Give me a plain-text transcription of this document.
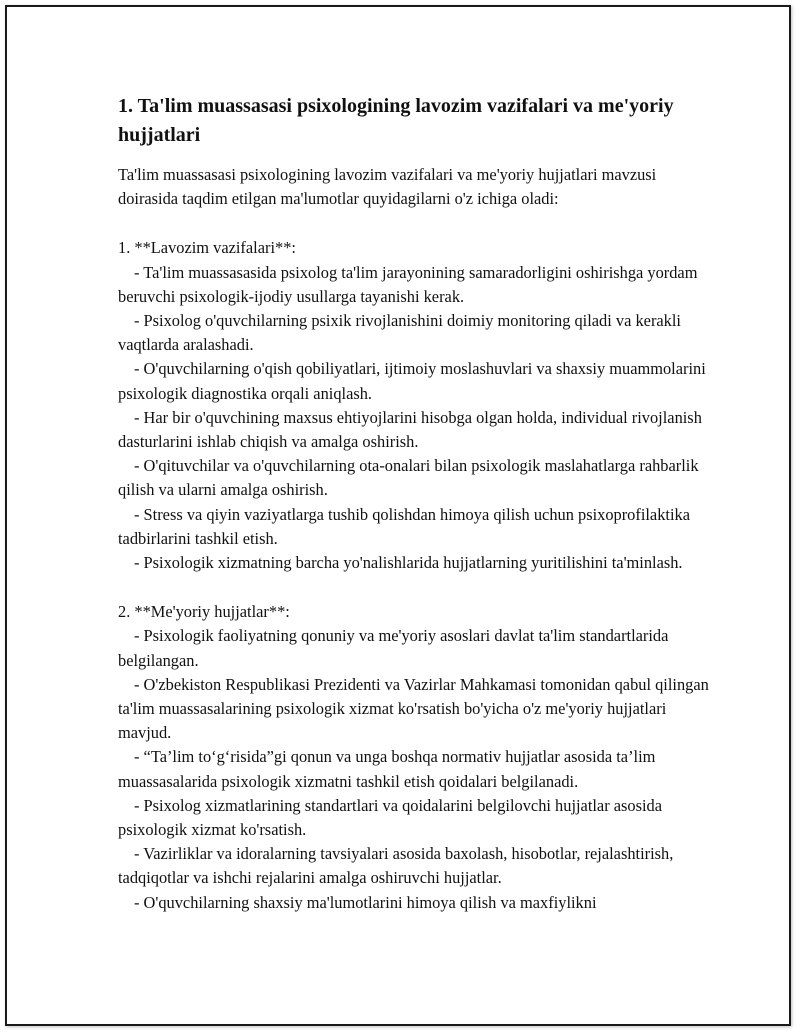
1. Ta'lim muassasasi psixologining lavozim vazifalari va me'yoriy hujjatlari

Ta'lim muassasasi psixologining lavozim vazifalari va me'yoriy hujjatlari mavzusi doirasida taqdim etilgan ma'lumotlar quyidagilarni o'z ichiga oladi:

1. **Lavozim vazifalari**:

- Ta'lim muassasasida psixolog ta'lim jarayonining samaradorligini oshirishga yordam beruvchi psixologik-ijodiy usullarga tayanishi kerak.

- Psixolog o'quvchilarning psixik rivojlanishini doimiy monitoring qiladi va kerakli vaqtlarda aralashadi.

- O'quvchilarning o'qish qobiliyatlari, ijtimoiy moslashuvlari va shaxsiy muammolarini psixologik diagnostika orqali aniqlash.

- Har bir o'quvchining maxsus ehtiyojlarini hisobga olgan holda, individual rivojlanish dasturlarini ishlab chiqish va amalga oshirish.

- O'qituvchilar va o'quvchilarning ota-onalari bilan psixologik maslahatlarga rahbarlik qilish va ularni amalga oshirish.

- Stress va qiyin vaziyatlarga tushib qolishdan himoya qilish uchun psixoprofilaktika tadbirlarini tashkil etish.

- Psixologik xizmatning barcha yo'nalishlarida hujjatlarning yuritilishini ta'minlash.

2. **Me'yoriy hujjatlar**:

- Psixologik faoliyatning qonuniy va me'yoriy asoslari davlat ta'lim standartlarida belgilangan.

- O'zbekiston Respublikasi Prezidenti va Vazirlar Mahkamasi tomonidan qabul qilingan ta'lim muassasalarining psixologik xizmat ko'rsatish bo'yicha o'z me'yoriy hujjatlari mavjud.

- “Ta’lim to‘g‘risida”gi qonun va unga boshqa normativ hujjatlar asosida ta’lim muassasalarida psixologik xizmatni tashkil etish qoidalari belgilanadi.

- Psixolog xizmatlarining standartlari va qoidalarini belgilovchi hujjatlar asosida psixologik xizmat ko'rsatish.

- Vazirliklar va idoralarning tavsiyalari asosida baxolash, hisobotlar, rejalashtirish, tadqiqotlar va ishchi rejalarini amalga oshiruvchi hujjatlar.

- O'quvchilarning shaxsiy ma'lumotlarini himoya qilish va maxfiylikni
